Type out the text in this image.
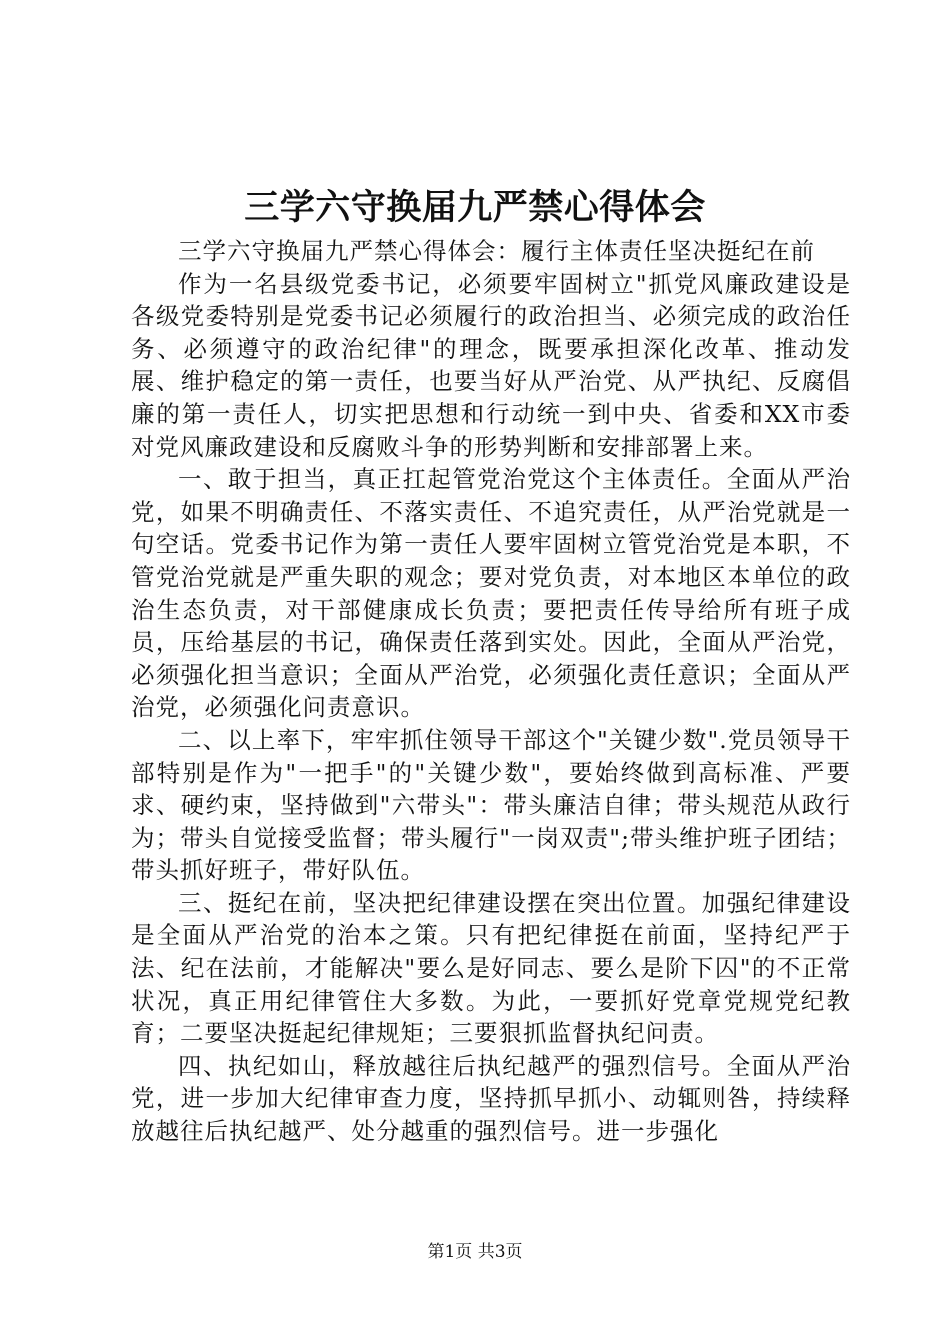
三学六守换届九严禁心得体会

三学六守换届九严禁心得体会：履行主体责任坚决挺纪在前

作为一名县级党委书记，必须要牢固树立"抓党风廉政建设是各级党委特别是党委书记必须履行的政治担当、必须完成的政治任务、必须遵守的政治纪律"的理念，既要承担深化改革、推动发展、维护稳定的第一责任，也要当好从严治党、从严执纪、反腐倡廉的第一责任人，切实把思想和行动统一到中央、省委和XX市委对党风廉政建设和反腐败斗争的形势判断和安排部署上来。

一、敢于担当，真正扛起管党治党这个主体责任。全面从严治党，如果不明确责任、不落实责任、不追究责任，从严治党就是一句空话。党委书记作为第一责任人要牢固树立管党治党是本职，不管党治党就是严重失职的观念；要对党负责，对本地区本单位的政治生态负责，对干部健康成长负责；要把责任传导给所有班子成员，压给基层的书记，确保责任落到实处。因此，全面从严治党，必须强化担当意识；全面从严治党，必须强化责任意识；全面从严治党，必须强化问责意识。

二、以上率下，牢牢抓住领导干部这个"关键少数".党员领导干部特别是作为"一把手"的"关键少数"，要始终做到高标准、严要求、硬约束，坚持做到"六带头"：带头廉洁自律；带头规范从政行为；带头自觉接受监督；带头履行"一岗双责";带头维护班子团结；带头抓好班子，带好队伍。

三、挺纪在前，坚决把纪律建设摆在突出位置。加强纪律建设是全面从严治党的治本之策。只有把纪律挺在前面，坚持纪严于法、纪在法前，才能解决"要么是好同志、要么是阶下囚"的不正常状况，真正用纪律管住大多数。为此，一要抓好党章党规党纪教育；二要坚决挺起纪律规矩；三要狠抓监督执纪问责。

四、执纪如山，释放越往后执纪越严的强烈信号。全面从严治党，进一步加大纪律审查力度，坚持抓早抓小、动辄则咎，持续释放越往后执纪越严、处分越重的强烈信号。进一步强化

第1页 共3页
